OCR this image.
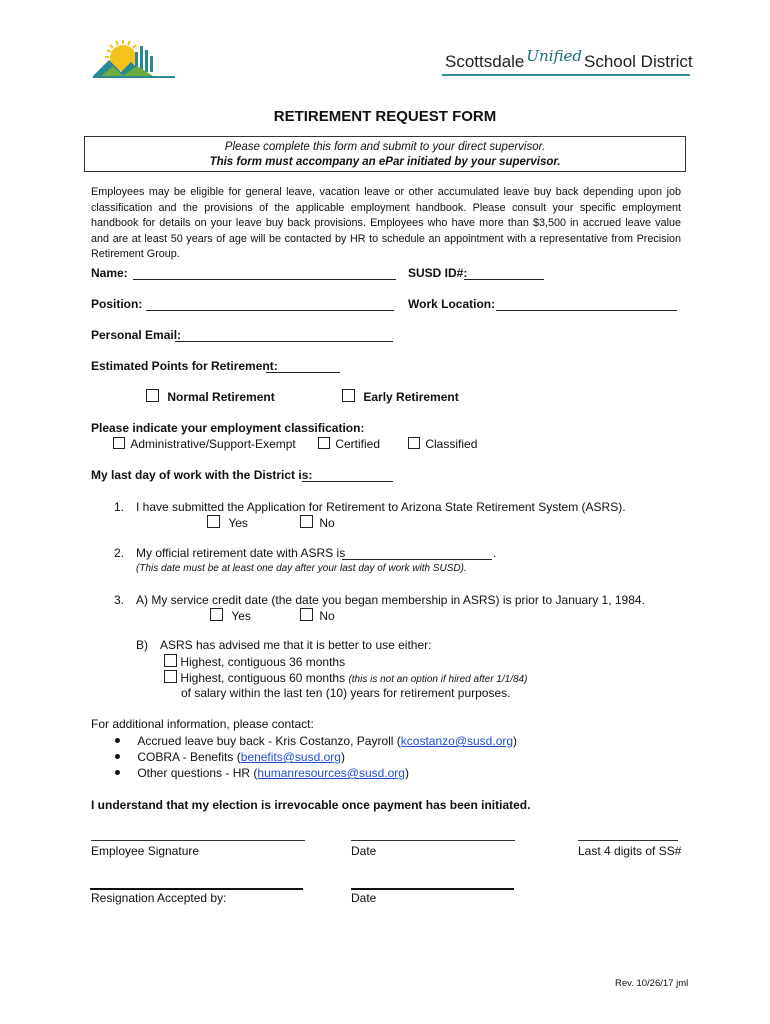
Scottsdale Unified School District
RETIREMENT REQUEST FORM
Please complete this form and submit to your direct supervisor.
This form must accompany an ePar initiated by your supervisor.
Employees may be eligible for general leave, vacation leave or other accumulated leave buy back depending upon job classification and the provisions of the applicable employment handbook. Please consult your specific employment handbook for details on your leave buy back provisions. Employees who have more than $3,500 in accrued leave value and are at least 50 years of age will be contacted by HR to schedule an appointment with a representative from Precision Retirement Group.
Name:	SUSD ID#:
Position:	Work Location:
Personal Email:
Estimated Points for Retirement:
Normal Retirement	Early Retirement
Please indicate your employment classification:
Administrative/Support-Exempt	Certified	Classified
My last day of work with the District is:
1. I have submitted the Application for Retirement to Arizona State Retirement System (ASRS).
Yes	No
2. My official retirement date with ASRS is	.
(This date must be at least one day after your last day of work with SUSD).
3. A) My service credit date (the date you began membership in ASRS) is prior to January 1, 1984.
Yes	No
B) ASRS has advised me that it is better to use either:
Highest, contiguous 36 months
Highest, contiguous 60 months (this is not an option if hired after 1/1/84)
of salary within the last ten (10) years for retirement purposes.
For additional information, please contact:
Accrued leave buy back - Kris Costanzo, Payroll (kcostanzo@susd.org)
COBRA - Benefits (benefits@susd.org)
Other questions - HR (humanresources@susd.org)
I understand that my election is irrevocable once payment has been initiated.
Employee Signature	Date	Last 4 digits of SS#
Resignation Accepted by:	Date
Rev. 10/26/17 jml
